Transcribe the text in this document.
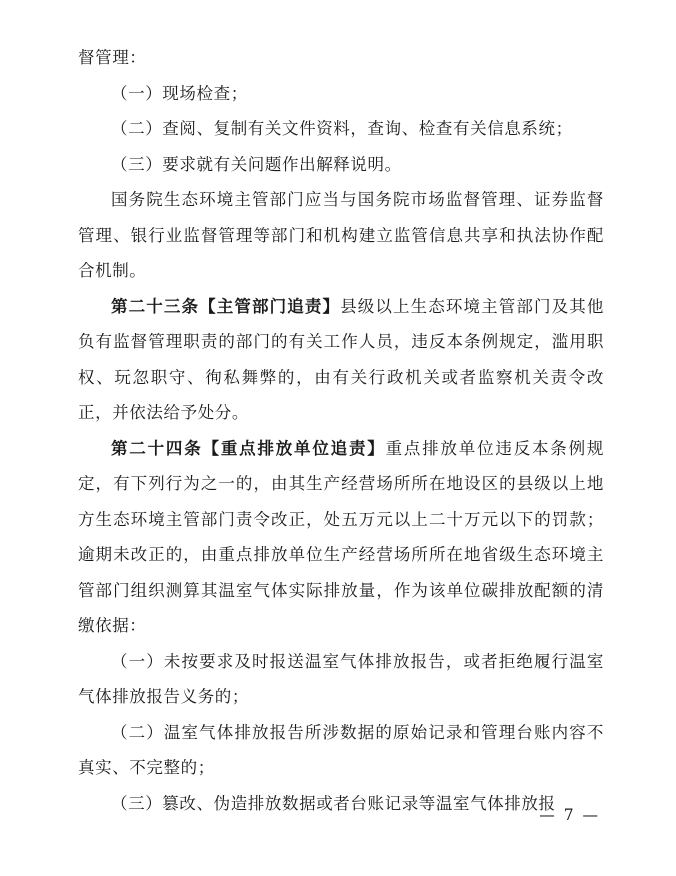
督管理：

（一）现场检查；

（二）查阅、复制有关文件资料，查询、检查有关信息系统；

（三）要求就有关问题作出解释说明。

国务院生态环境主管部门应当与国务院市场监督管理、证券监督管理、银行业监督管理等部门和机构建立监管信息共享和执法协作配合机制。

第二十三条【主管部门追责】县级以上生态环境主管部门及其他负有监督管理职责的部门的有关工作人员，违反本条例规定，滥用职权、玩忽职守、徇私舞弊的，由有关行政机关或者监察机关责令改正，并依法给予处分。

第二十四条【重点排放单位追责】重点排放单位违反本条例规定，有下列行为之一的，由其生产经营场所所在地设区的县级以上地方生态环境主管部门责令改正，处五万元以上二十万元以下的罚款；逾期未改正的，由重点排放单位生产经营场所所在地省级生态环境主管部门组织测算其温室气体实际排放量，作为该单位碳排放配额的清缴依据：

（一）未按要求及时报送温室气体排放报告，或者拒绝履行温室气体排放报告义务的；

（二）温室气体排放报告所涉数据的原始记录和管理台账内容不真实、不完整的；

（三）篡改、伪造排放数据或者台账记录等温室气体排放报

— 7 —
